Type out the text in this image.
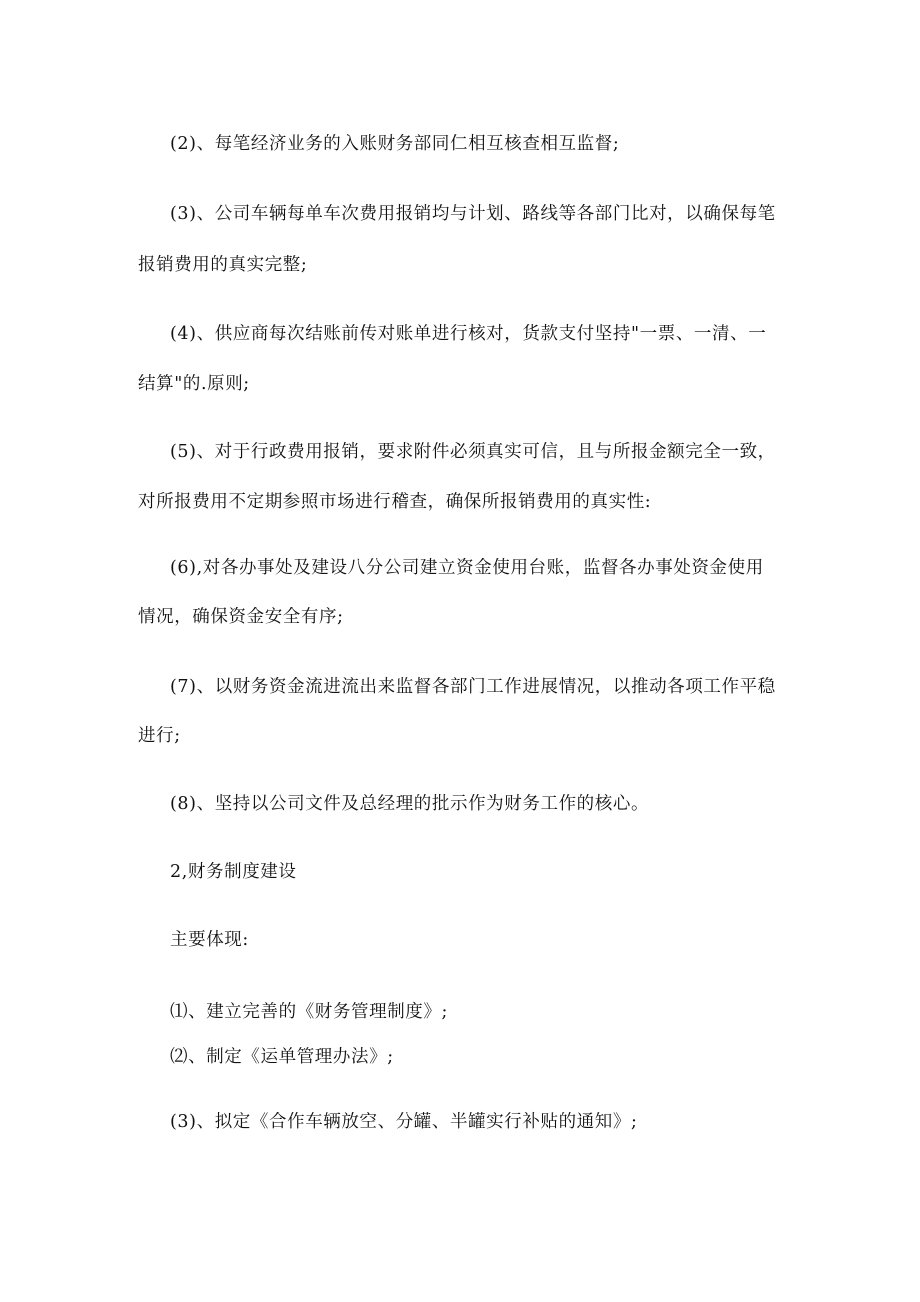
(2)、每笔经济业务的入账财务部同仁相互核查相互监督;
(3)、公司车辆每单车次费用报销均与计划、路线等各部门比对，以确保每笔
报销费用的真实完整;
(4)、供应商每次结账前传对账单进行核对，货款支付坚持"一票、一清、一
结算"的.原则;
(5)、对于行政费用报销，要求附件必须真实可信，且与所报金额完全一致，
对所报费用不定期参照市场进行稽查，确保所报销费用的真实性:
(6),对各办事处及建设八分公司建立资金使用台账，监督各办事处资金使用
情况，确保资金安全有序;
(7)、以财务资金流进流出来监督各部门工作进展情况，以推动各项工作平稳
进行;
(8)、坚持以公司文件及总经理的批示作为财务工作的核心。
2,财务制度建设
主要体现:
⑴、建立完善的《财务管理制度》;
⑵、制定《运单管理办法》;
(3)、拟定《合作车辆放空、分罐、半罐实行补贴的通知》;
